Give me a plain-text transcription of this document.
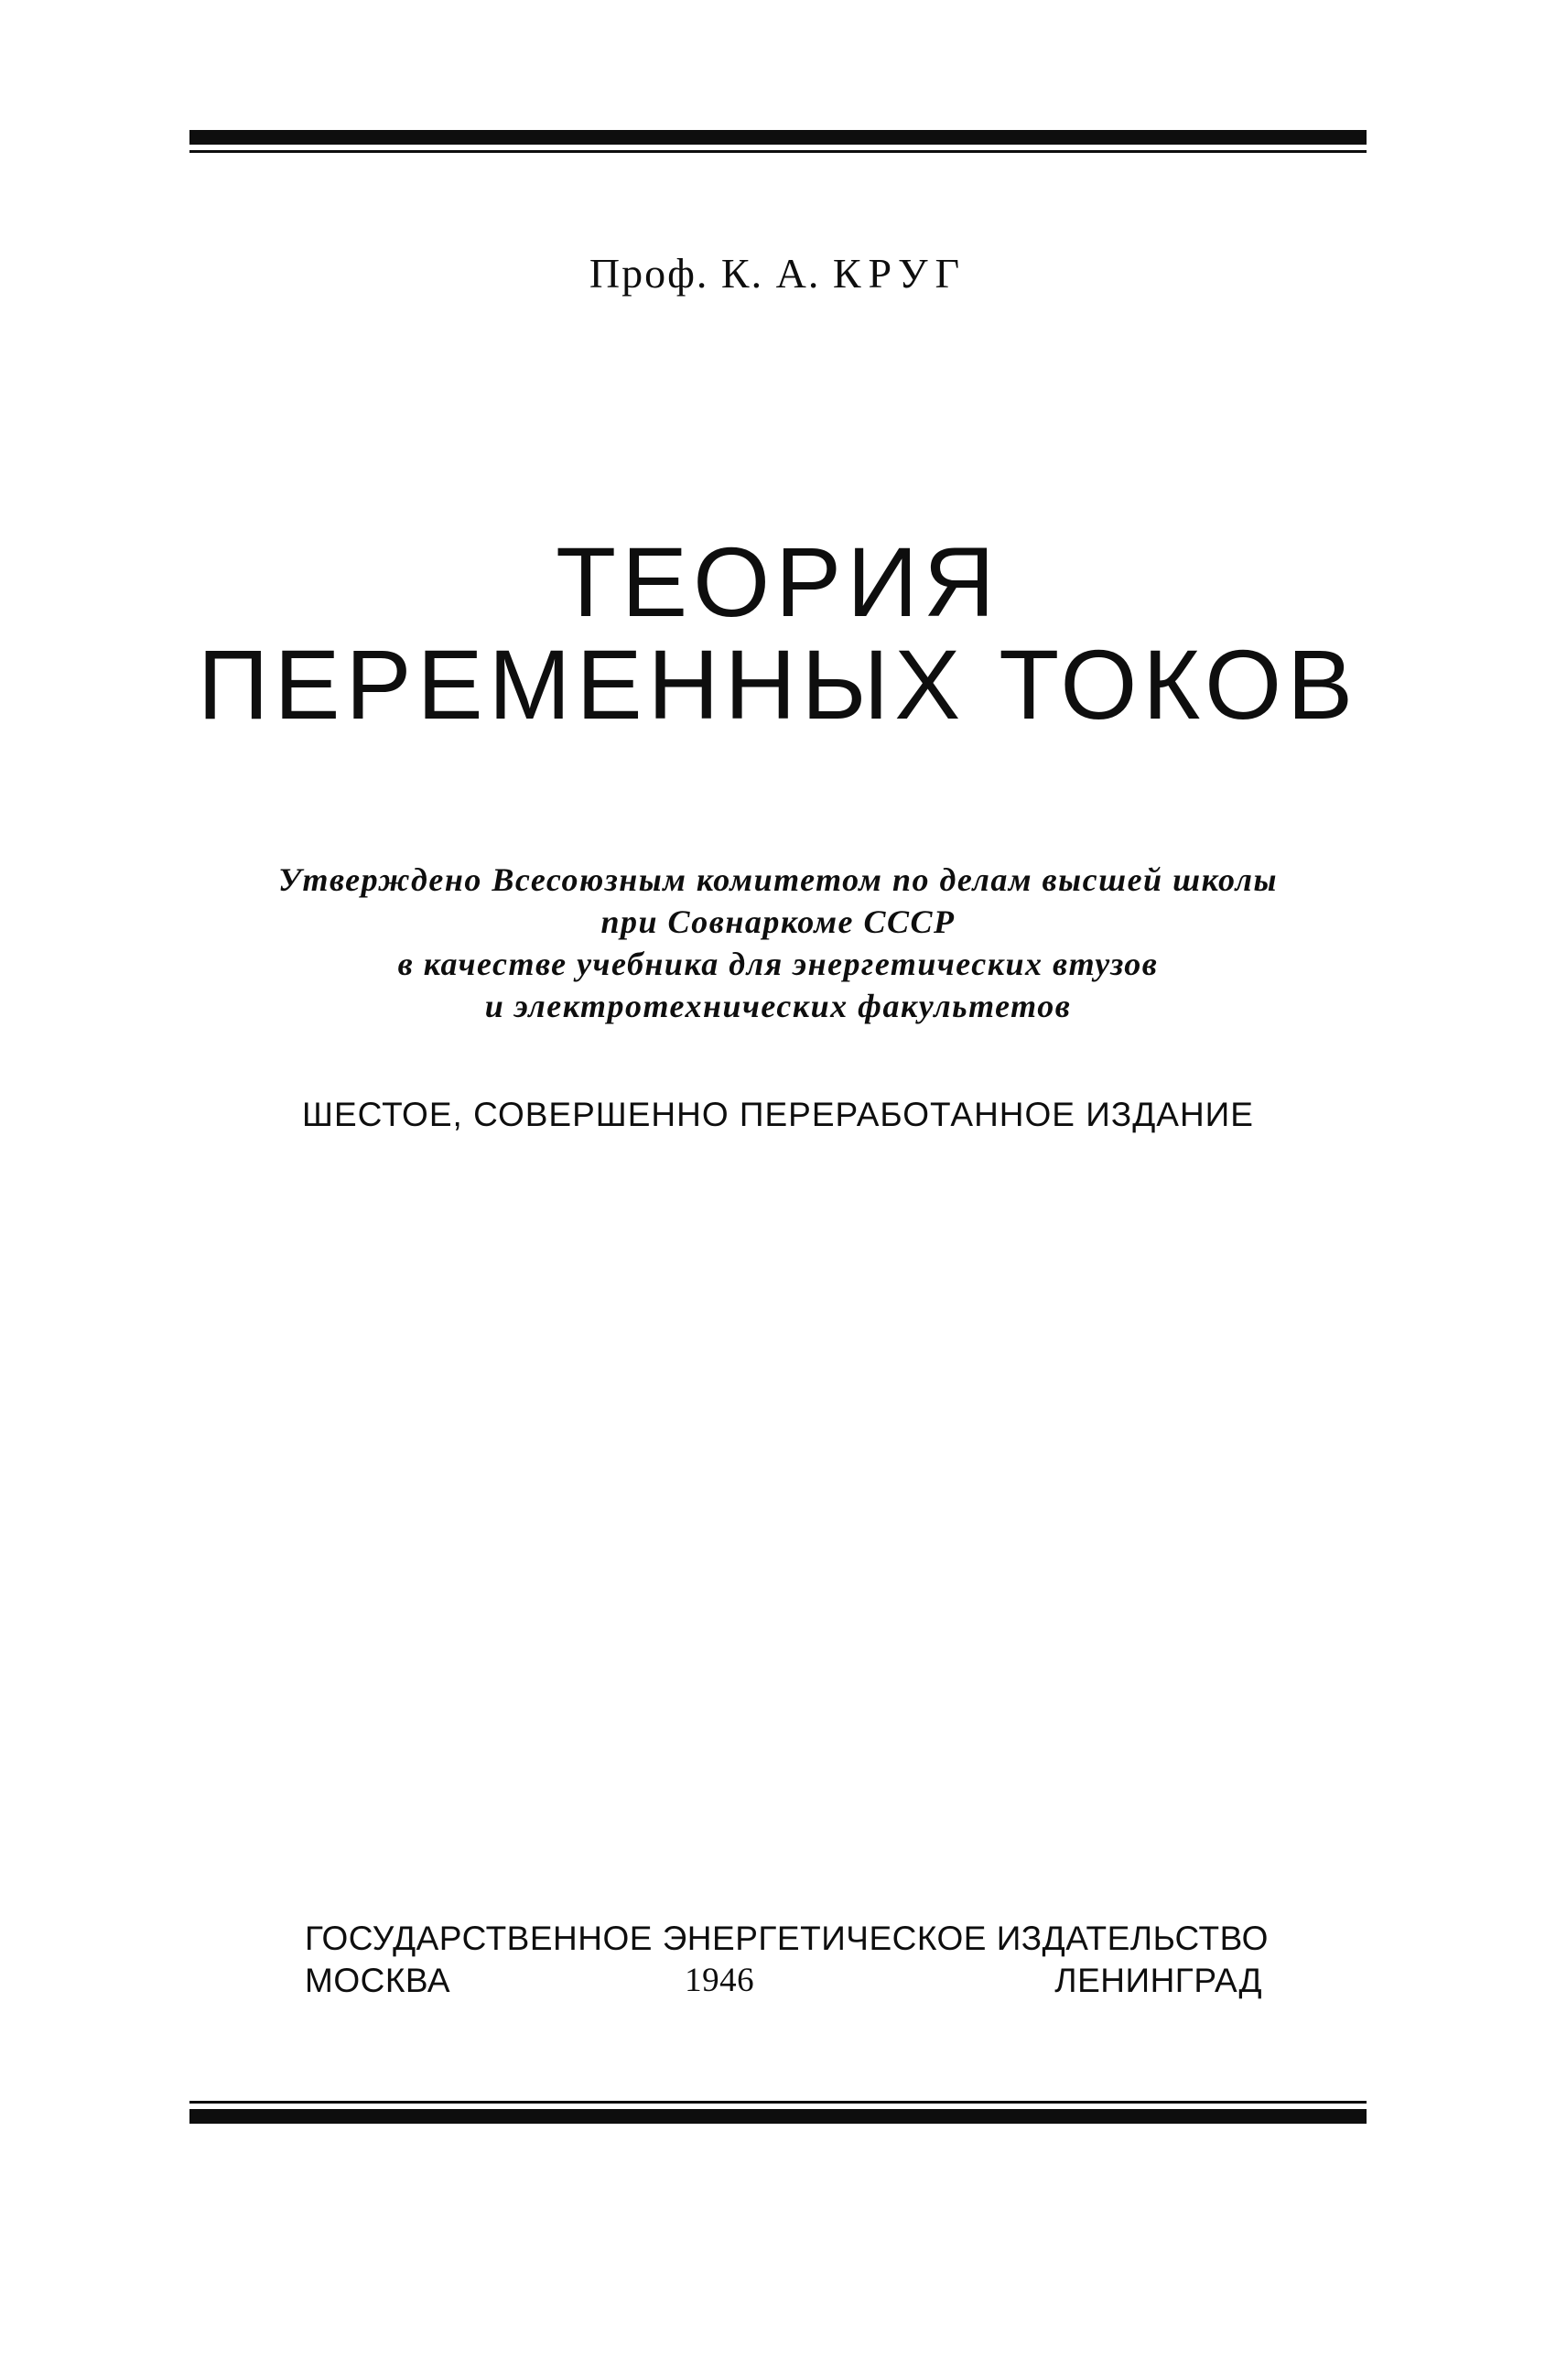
Проф. К. А. КРУГ
ТЕОРИЯ
ПЕРЕМЕННЫХ ТОКОВ
Утверждено Всесоюзным комитетом по делам высшей школы
при Совнаркоме СССР
в качестве учебника для энергетических втузов
и электротехнических факультетов
ШЕСТОЕ, СОВЕРШЕННО ПЕРЕРАБОТАННОЕ ИЗДАНИЕ
ГОСУДАРСТВЕННОЕ ЭНЕРГЕТИЧЕСКОЕ ИЗДАТЕЛЬСТВО
МОСКВА	1946	ЛЕНИНГРАД
